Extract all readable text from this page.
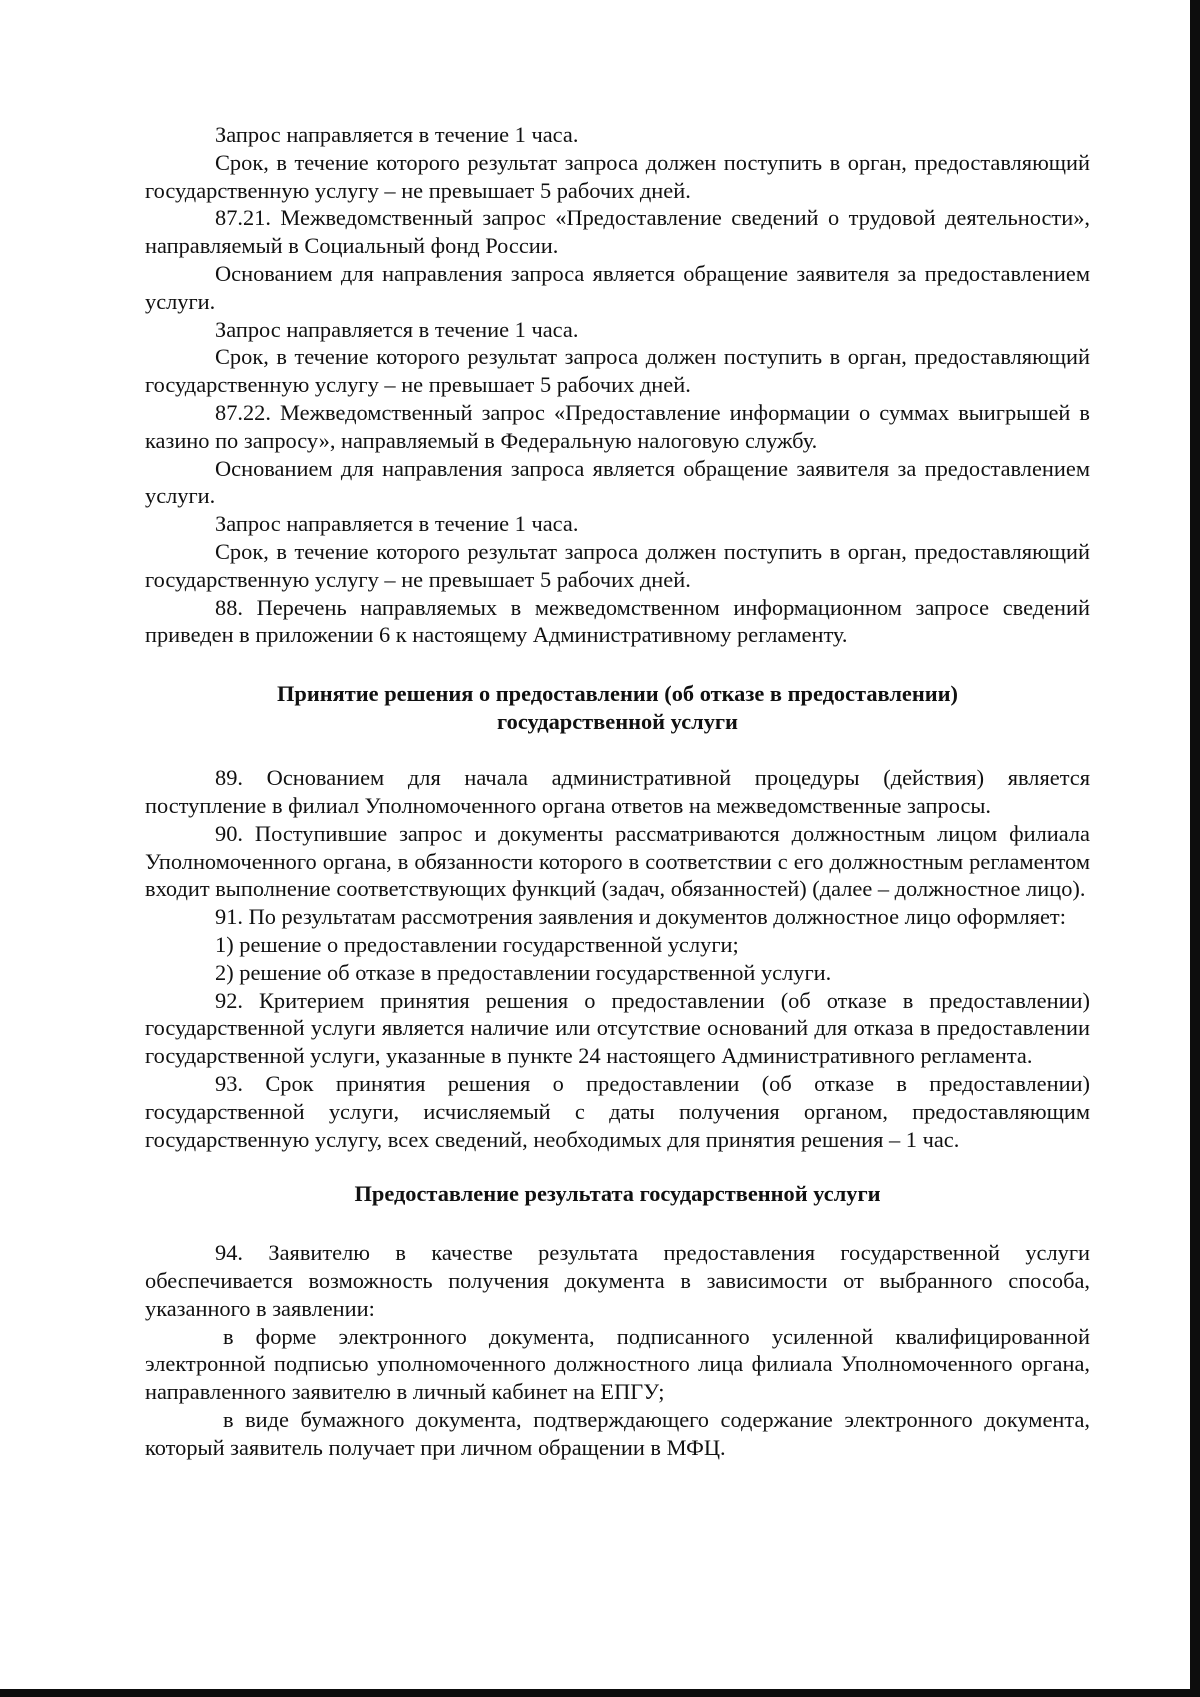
Запрос направляется в течение 1 часа.

Срок, в течение которого результат запроса должен поступить в орган, предоставляющий государственную услугу – не превышает 5 рабочих дней.

87.21. Межведомственный запрос «Предоставление сведений о трудовой деятельности», направляемый в Социальный фонд России.

Основанием для направления запроса является обращение заявителя за предоставлением услуги.

Запрос направляется в течение 1 часа.

Срок, в течение которого результат запроса должен поступить в орган, предоставляющий государственную услугу – не превышает 5 рабочих дней.

87.22. Межведомственный запрос «Предоставление информации о суммах выигрышей в казино по запросу», направляемый в Федеральную налоговую службу.

Основанием для направления запроса является обращение заявителя за предоставлением услуги.

Запрос направляется в течение 1 часа.

Срок, в течение которого результат запроса должен поступить в орган, предоставляющий государственную услугу – не превышает 5 рабочих дней.

88. Перечень направляемых в межведомственном информационном запросе сведений приведен в приложении 6 к настоящему Административному регламенту.

Принятие решения о предоставлении (об отказе в предоставлении)
государственной услуги

89. Основанием для начала административной процедуры (действия) является поступление в филиал Уполномоченного органа ответов на межведомственные запросы.

90. Поступившие запрос и документы рассматриваются должностным лицом филиала Уполномоченного органа, в обязанности которого в соответствии с его должностным регламентом входит выполнение соответствующих функций (задач, обязанностей) (далее – должностное лицо).

91. По результатам рассмотрения заявления и документов должностное лицо оформляет:

1) решение о предоставлении государственной услуги;

2) решение об отказе в предоставлении государственной услуги.

92. Критерием принятия решения о предоставлении (об отказе в предоставлении) государственной услуги является наличие или отсутствие оснований для отказа в предоставлении государственной услуги, указанные в пункте 24 настоящего Административного регламента.

93. Срок принятия решения о предоставлении (об отказе в предоставлении) государственной услуги, исчисляемый с даты получения органом, предоставляющим государственную услугу, всех сведений, необходимых для принятия решения – 1 час.

Предоставление результата государственной услуги

94. Заявителю в качестве результата предоставления государственной услуги обеспечивается возможность получения документа в зависимости от выбранного способа, указанного в заявлении:

в форме электронного документа, подписанного усиленной квалифицированной электронной подписью уполномоченного должностного лица филиала Уполномоченного органа, направленного заявителю в личный кабинет на ЕПГУ;

в виде бумажного документа, подтверждающего содержание электронного документа, который заявитель получает при личном обращении в МФЦ.
